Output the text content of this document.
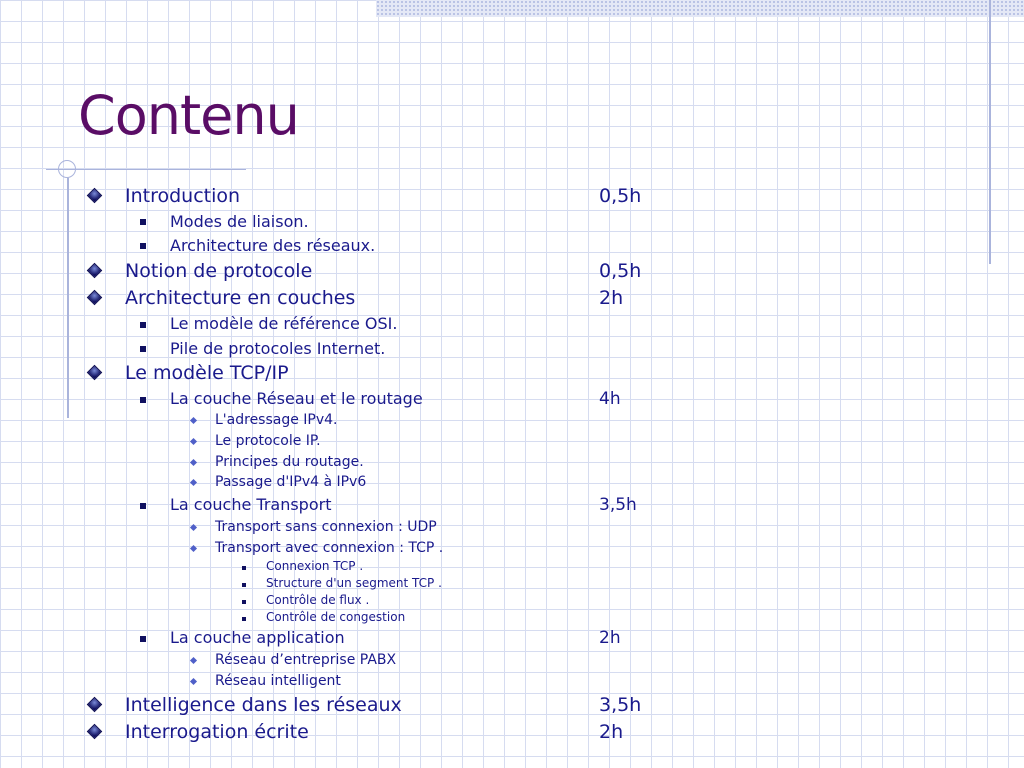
Contenu
Introduction	0,5h
Modes de liaison.
Architecture des réseaux.
Notion de protocole	0,5h
Architecture en couches	2h
Le modèle de référence OSI.
Pile de protocoles Internet.
Le modèle TCP/IP
La couche Réseau et le routage	4h
L'adressage IPv4.
Le protocole IP.
Principes du routage.
Passage d'IPv4 à IPv6
La couche Transport	3,5h
Transport sans connexion : UDP
Transport avec connexion : TCP .
Connexion TCP .
Structure d'un segment TCP .
Contrôle de flux .
Contrôle de congestion
La couche application	2h
Réseau d’entreprise PABX
Réseau intelligent
Intelligence dans les réseaux	3,5h
Interrogation écrite	2h
